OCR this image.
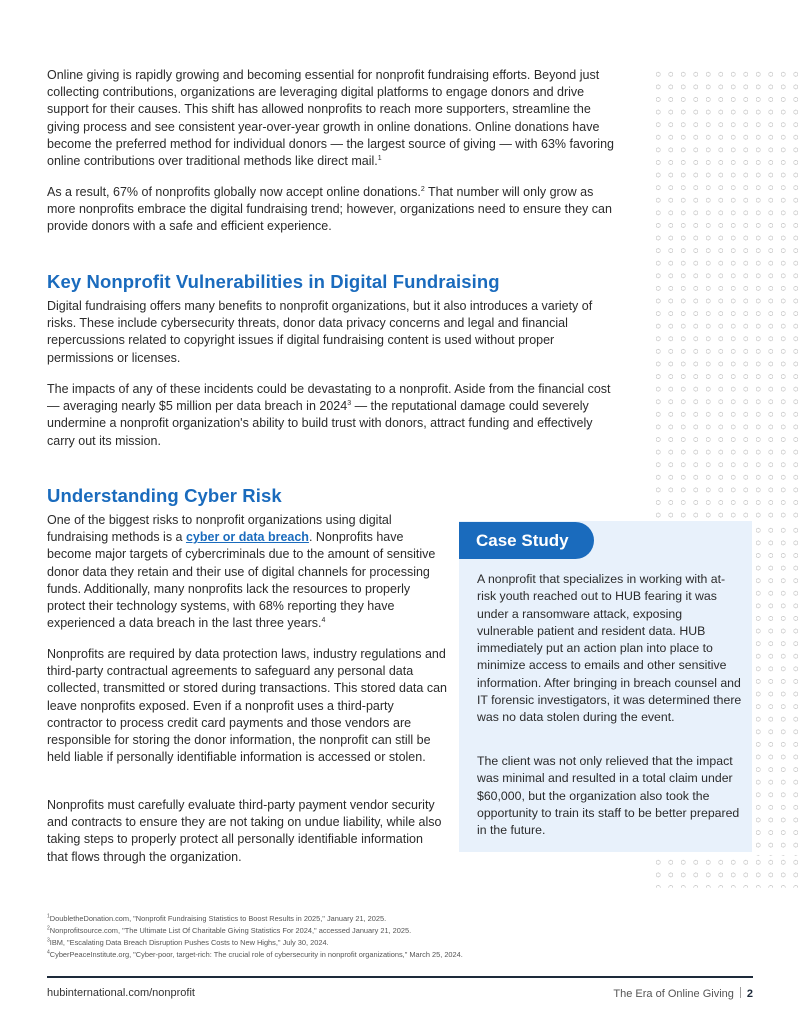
Online giving is rapidly growing and becoming essential for nonprofit fundraising efforts. Beyond just collecting contributions, organizations are leveraging digital platforms to engage donors and drive support for their causes. This shift has allowed nonprofits to reach more supporters, streamline the giving process and see consistent year-over-year growth in online donations. Online donations have become the preferred method for individual donors — the largest source of giving — with 63% favoring online contributions over traditional methods like direct mail.$^1$

As a result, 67% of nonprofits globally now accept online donations.$^2$ That number will only grow as more nonprofits embrace the digital fundraising trend; however, organizations need to ensure they can provide donors with a safe and efficient experience.

Key Nonprofit Vulnerabilities in Digital Fundraising

Digital fundraising offers many benefits to nonprofit organizations, but it also introduces a variety of risks. These include cybersecurity threats, donor data privacy concerns and legal and financial repercussions related to copyright issues if digital fundraising content is used without proper permissions or licenses.

The impacts of any of these incidents could be devastating to a nonprofit. Aside from the financial cost — averaging nearly $5 million per data breach in 2024$^3$ — the reputational damage could severely undermine a nonprofit organization's ability to build trust with donors, attract funding and effectively carry out its mission.

Understanding Cyber Risk

One of the biggest risks to nonprofit organizations using digital fundraising methods is a cyber or data breach. Nonprofits have become major targets of cybercriminals due to the amount of sensitive donor data they retain and their use of digital channels for processing funds. Additionally, many nonprofits lack the resources to properly protect their technology systems, with 68% reporting they have experienced a data breach in the last three years.$^4$

Nonprofits are required by data protection laws, industry regulations and third-party contractual agreements to safeguard any personal data collected, transmitted or stored during transactions. This stored data can leave nonprofits exposed. Even if a nonprofit uses a third-party contractor to process credit card payments and those vendors are responsible for storing the donor information, the nonprofit can still be held liable if personally identifiable information is accessed or stolen.

Nonprofits must carefully evaluate third-party payment vendor security and contracts to ensure they are not taking on undue liability, while also taking steps to properly protect all personally identifiable information that flows through the organization.

Case Study

A nonprofit that specializes in working with at-risk youth reached out to HUB fearing it was under a ransomware attack, exposing vulnerable patient and resident data. HUB immediately put an action plan into place to minimize access to emails and other sensitive information. After bringing in breach counsel and IT forensic investigators, it was determined there was no data stolen during the event.

The client was not only relieved that the impact was minimal and resulted in a total claim under $60,000, but the organization also took the opportunity to train its staff to be better prepared in the future.

$^1$DoubletheDonation.com, "Nonprofit Fundraising Statistics to Boost Results in 2025," January 21, 2025.

$^2$Nonprofitsource.com, "The Ultimate List Of Charitable Giving Statistics For 2024," accessed January 21, 2025.

$^3$IBM, "Escalating Data Breach Disruption Pushes Costs to New Highs," July 30, 2024.

$^4$CyberPeaceInstitute.org, "Cyber-poor, target-rich: The crucial role of cybersecurity in nonprofit organizations," March 25, 2024.

hubinternational.com/nonprofit	The Era of Online Giving 2
